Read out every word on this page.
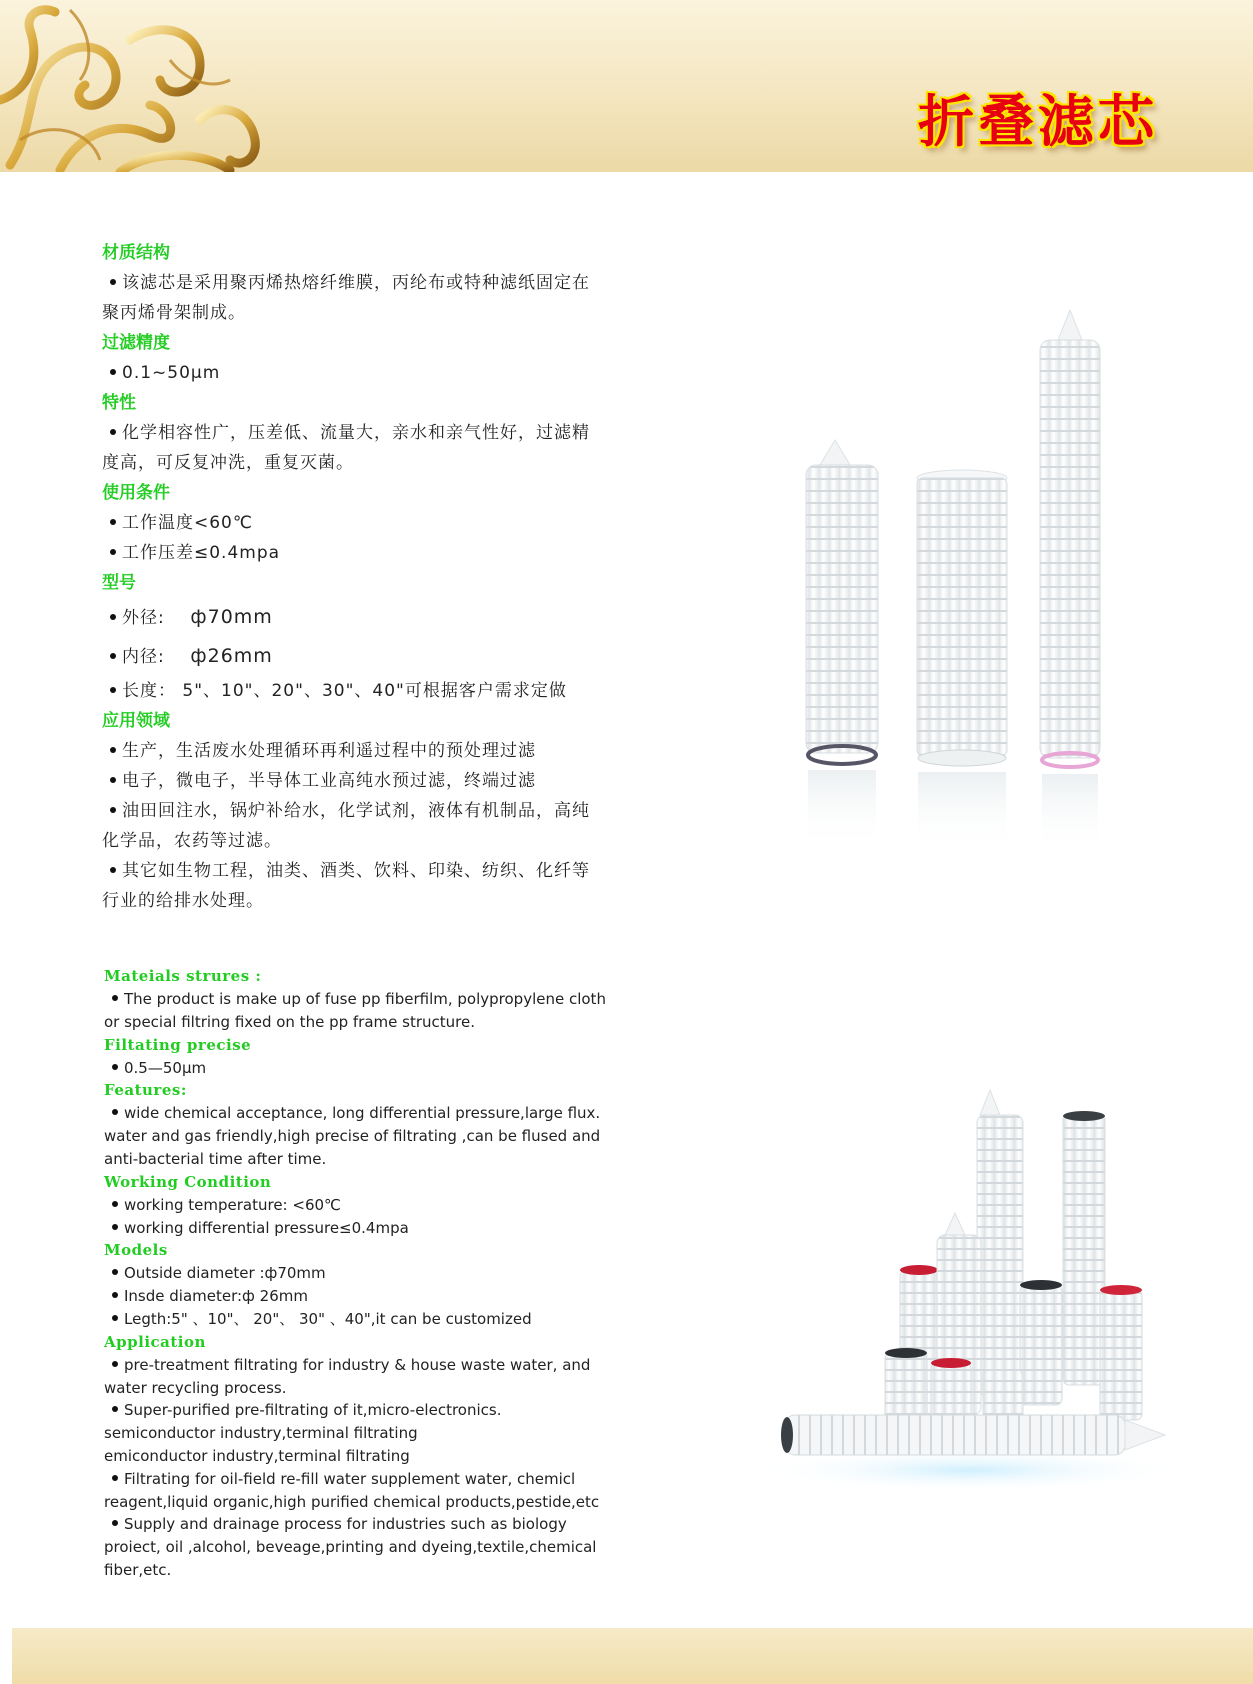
折叠滤芯
材质结构
该滤芯是采用聚丙烯热熔纤维膜，丙纶布或特种滤纸固定在
聚丙烯骨架制成。
过滤精度
0.1~50μm
特性
化学相容性广，压差低、流量大，亲水和亲气性好，过滤精
度高，可反复冲洗，重复灭菌。
使用条件
工作温度<60℃
工作压差≤0.4mpa
型号
外径: ф70mm
内径: ф26mm
长度： 5"、10"、20"、30"、40"可根据客户需求定做
应用领域
生产，生活废水处理循环再利遥过程中的预处理过滤
电子，微电子，半导体工业高纯水预过滤，终端过滤
油田回注水，锅炉补给水，化学试剂，液体有机制品，高纯
化学品，农药等过滤。
其它如生物工程，油类、酒类、饮料、印染、纺织、化纤等
行业的给排水处理。
Mateials strures :
The product is make up of fuse pp fiberfilm, polypropylene cloth
or special filtring fixed on the pp frame structure.
Filtating precise
0.5—50μm
Features:
wide chemical acceptance, long differential pressure,large flux.
water and gas friendly,high precise of filtrating ,can be flused and
anti-bacterial time after time.
Working Condition
working temperature: <60℃
working differential pressure≤0.4mpa
Models
Outside diameter :ф70mm
Insde diameter:ф 26mm
Legth:5" 、10"、 20"、 30" 、40",it can be customized
Application
pre-treatment filtrating for industry & house waste water, and
water recycling process.
Super-purified pre-filtrating of it,micro-electronics.
semiconductor industry,terminal filtrating
emiconductor industry,terminal filtrating
Filtrating for oil-field re-fill water supplement water, chemicl
reagent,liquid organic,high purified chemical products,pestide,etc
Supply and drainage process for industries such as biology
proiect, oil ,alcohol, beveage,printing and dyeing,textile,chemical
fiber,etc.
